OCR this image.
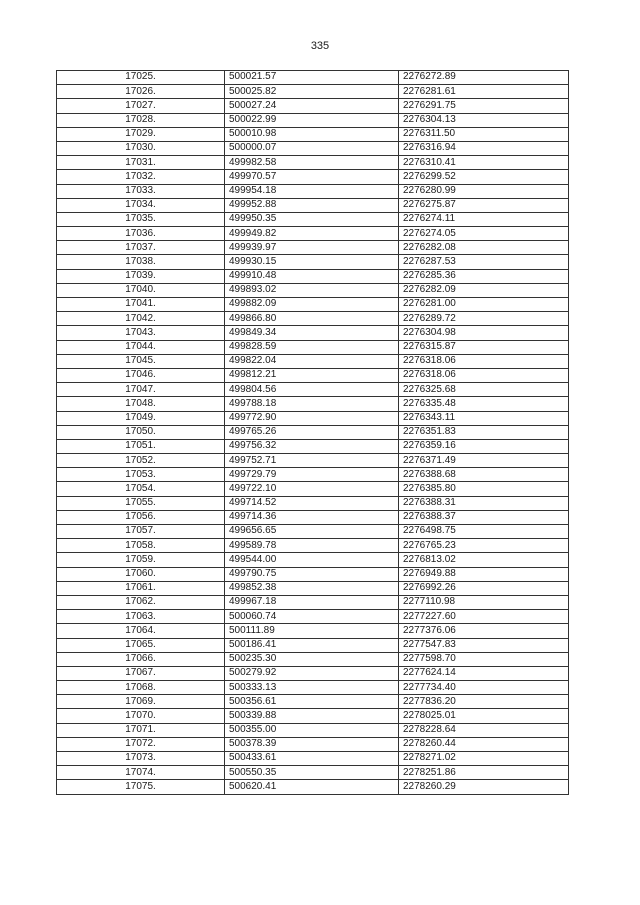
335
17025.	500021.57	2276272.89
17026.	500025.82	2276281.61
17027.	500027.24	2276291.75
17028.	500022.99	2276304.13
17029.	500010.98	2276311.50
17030.	500000.07	2276316.94
17031.	499982.58	2276310.41
17032.	499970.57	2276299.52
17033.	499954.18	2276280.99
17034.	499952.88	2276275.87
17035.	499950.35	2276274.11
17036.	499949.82	2276274.05
17037.	499939.97	2276282.08
17038.	499930.15	2276287.53
17039.	499910.48	2276285.36
17040.	499893.02	2276282.09
17041.	499882.09	2276281.00
17042.	499866.80	2276289.72
17043.	499849.34	2276304.98
17044.	499828.59	2276315.87
17045.	499822.04	2276318.06
17046.	499812.21	2276318.06
17047.	499804.56	2276325.68
17048.	499788.18	2276335.48
17049.	499772.90	2276343.11
17050.	499765.26	2276351.83
17051.	499756.32	2276359.16
17052.	499752.71	2276371.49
17053.	499729.79	2276388.68
17054.	499722.10	2276385.80
17055.	499714.52	2276388.31
17056.	499714.36	2276388.37
17057.	499656.65	2276498.75
17058.	499589.78	2276765.23
17059.	499544.00	2276813.02
17060.	499790.75	2276949.88
17061.	499852.38	2276992.26
17062.	499967.18	2277110.98
17063.	500060.74	2277227.60
17064.	500111.89	2277376.06
17065.	500186.41	2277547.83
17066.	500235.30	2277598.70
17067.	500279.92	2277624.14
17068.	500333.13	2277734.40
17069.	500356.61	2277836.20
17070.	500339.88	2278025.01
17071.	500355.00	2278228.64
17072.	500378.39	2278260.44
17073.	500433.61	2278271.02
17074.	500550.35	2278251.86
17075.	500620.41	2278260.29
